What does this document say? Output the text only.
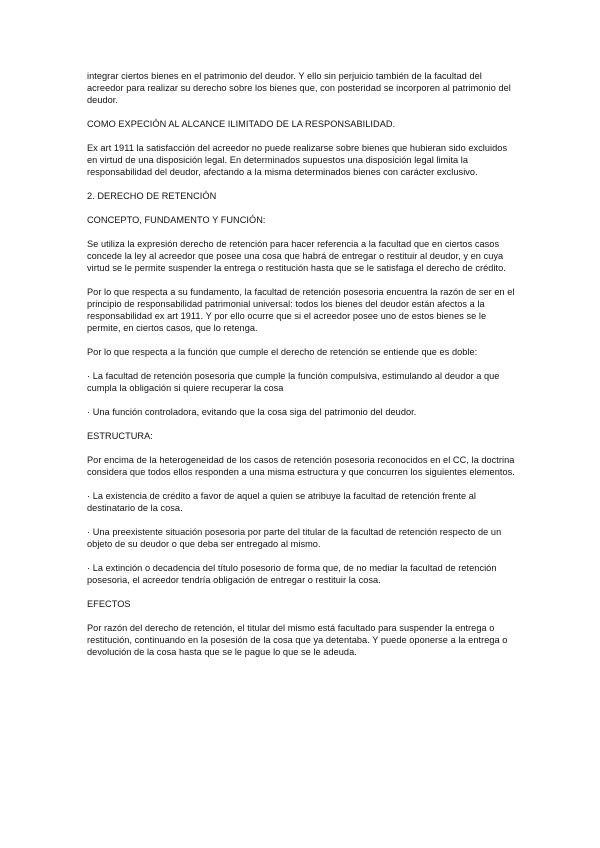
integrar ciertos bienes en el patrimonio del deudor. Y ello sin perjuicio también de la facultad del acreedor para realizar su derecho sobre los bienes que, con posteridad se incorporen al patrimonio del deudor.

COMO EXPECIÓN AL ALCANCE ILIMITADO DE LA RESPONSABILIDAD.

Ex art 1911 la satisfacción del acreedor no puede realizarse sobre bienes que hubieran sido excluidos en virtud de una disposición legal. En determinados supuestos una disposición legal limita la responsabilidad del deudor, afectando a la misma determinados bienes con carácter exclusivo.

2. DERECHO DE RETENCIÓN

CONCEPTO, FUNDAMENTO Y FUNCIÓN:

Se utiliza la expresión derecho de retención para hacer referencia a la facultad que en ciertos casos concede la ley al acreedor que posee una cosa que habrá de entregar o restituir al deudor, y en cuya virtud se le permite suspender la entrega o restitución hasta que se le satisfaga el derecho de crédito.

Por lo que respecta a su fundamento, la facultad de retención posesoria encuentra la razón de ser en el principio de responsabilidad patrimonial universal: todos los bienes del deudor están afectos a la responsabilidad ex art 1911. Y por ello ocurre que si el acreedor posee uno de estos bienes se le permite, en ciertos casos, que lo retenga.

Por lo que respecta a la función que cumple el derecho de retención se entiende que es doble:

· La facultad de retención posesoria que cumple la función compulsiva, estimulando al deudor a que cumpla la obligación si quiere recuperar la cosa

· Una función controladora, evitando que la cosa siga del patrimonio del deudor.

ESTRUCTURA:

Por encima de la heterogeneidad de los casos de retención posesoria reconocidos en el CC, la doctrina considera que todos ellos responden a una misma estructura y que concurren los siguientes elementos.

· La existencia de crédito a favor de aquel a quien se atribuye la facultad de retención frente al destinatario de la cosa.

· Una preexistente situación posesoria por parte del titular de la facultad de retención respecto de un objeto de su deudor o que deba ser entregado al mismo.

· La extinción o decadencia del título posesorio de forma que, de no mediar la facultad de retención posesoria, el acreedor tendría obligación de entregar o restituir la cosa.

EFECTOS

Por razón del derecho de retención, el titular del mismo está facultado para suspender la entrega o restitución, continuando en la posesión de la cosa que ya detentaba. Y puede oponerse a la entrega o devolución de la cosa hasta que se le pague lo que se le adeuda.
